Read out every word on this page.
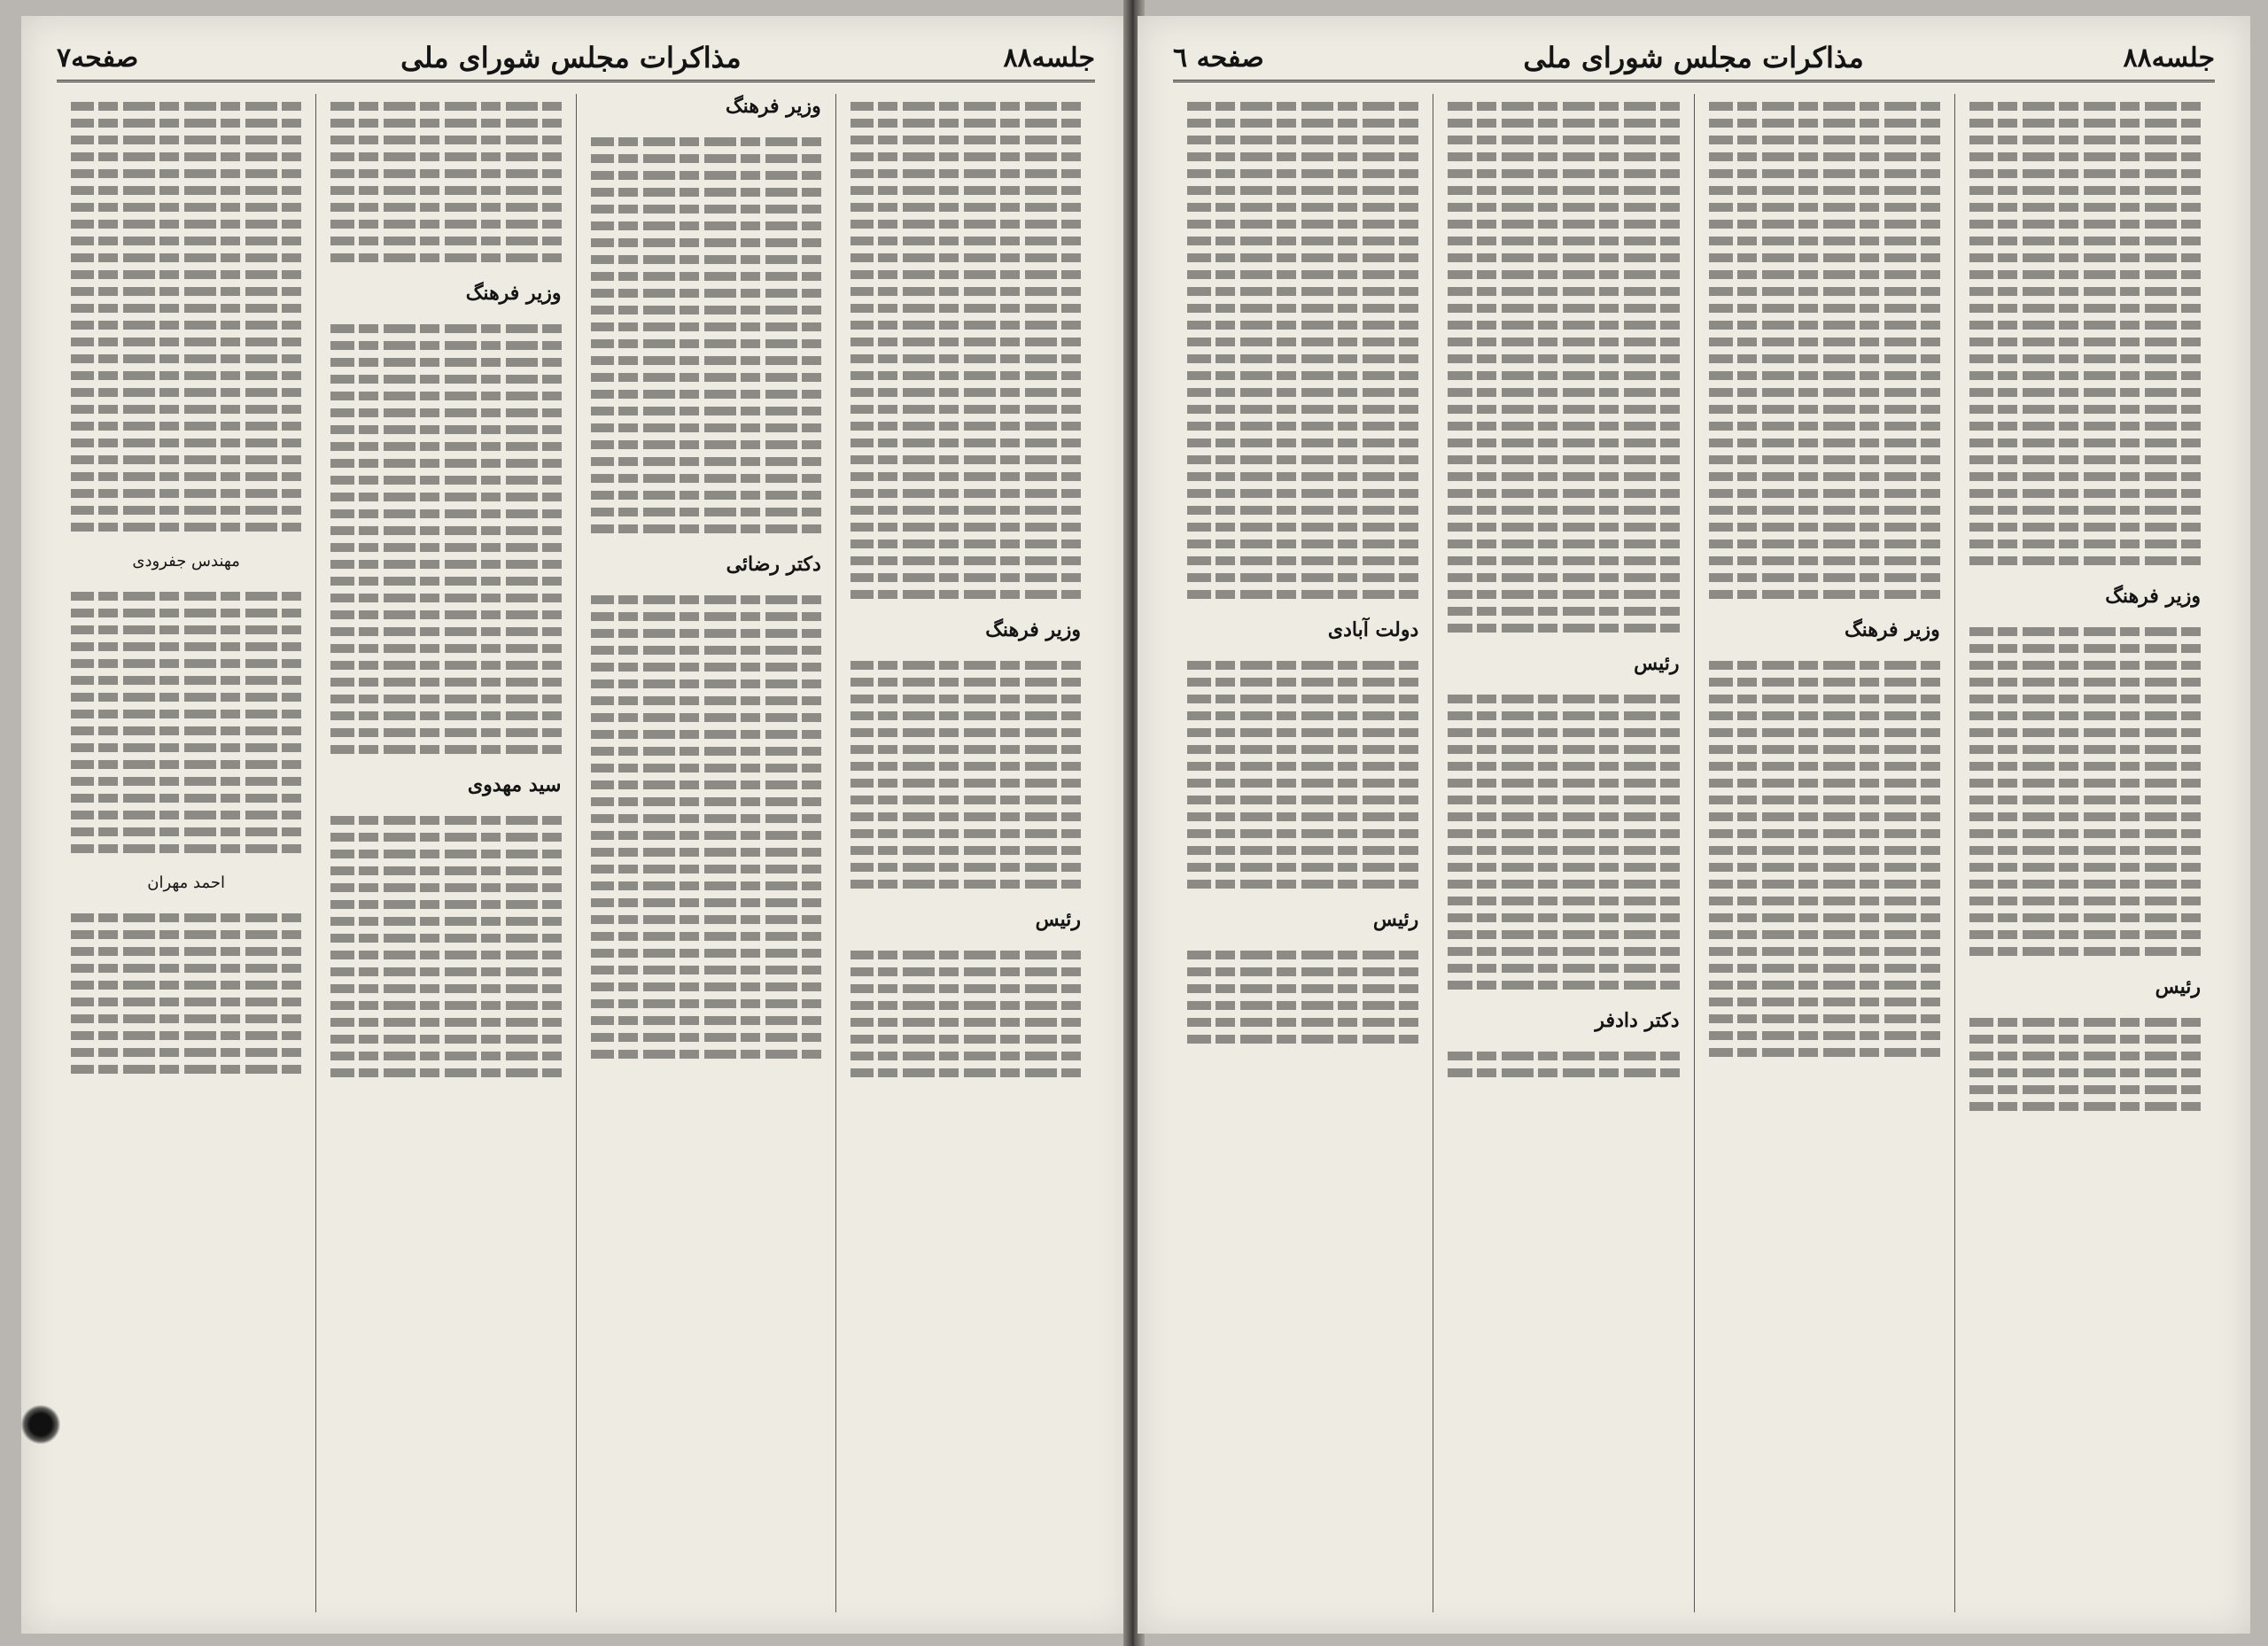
جلسه۸۸
مذاکرات مجلس شورای ملی
صفحه۷
وزیر فرهنگ
رئیس
وزیر فرهنگ
دکتر رضائی
وزیر فرهنگ
سید مهدوی
مهندس جفرودی
احمد مهران
جلسه۸۸
مذاکرات مجلس شورای ملی
صفحه ٦
وزیر فرهنگ
رئیس
وزیر فرهنگ
رئیس
دکتر دادفر
دولت آبادی
رئیس
